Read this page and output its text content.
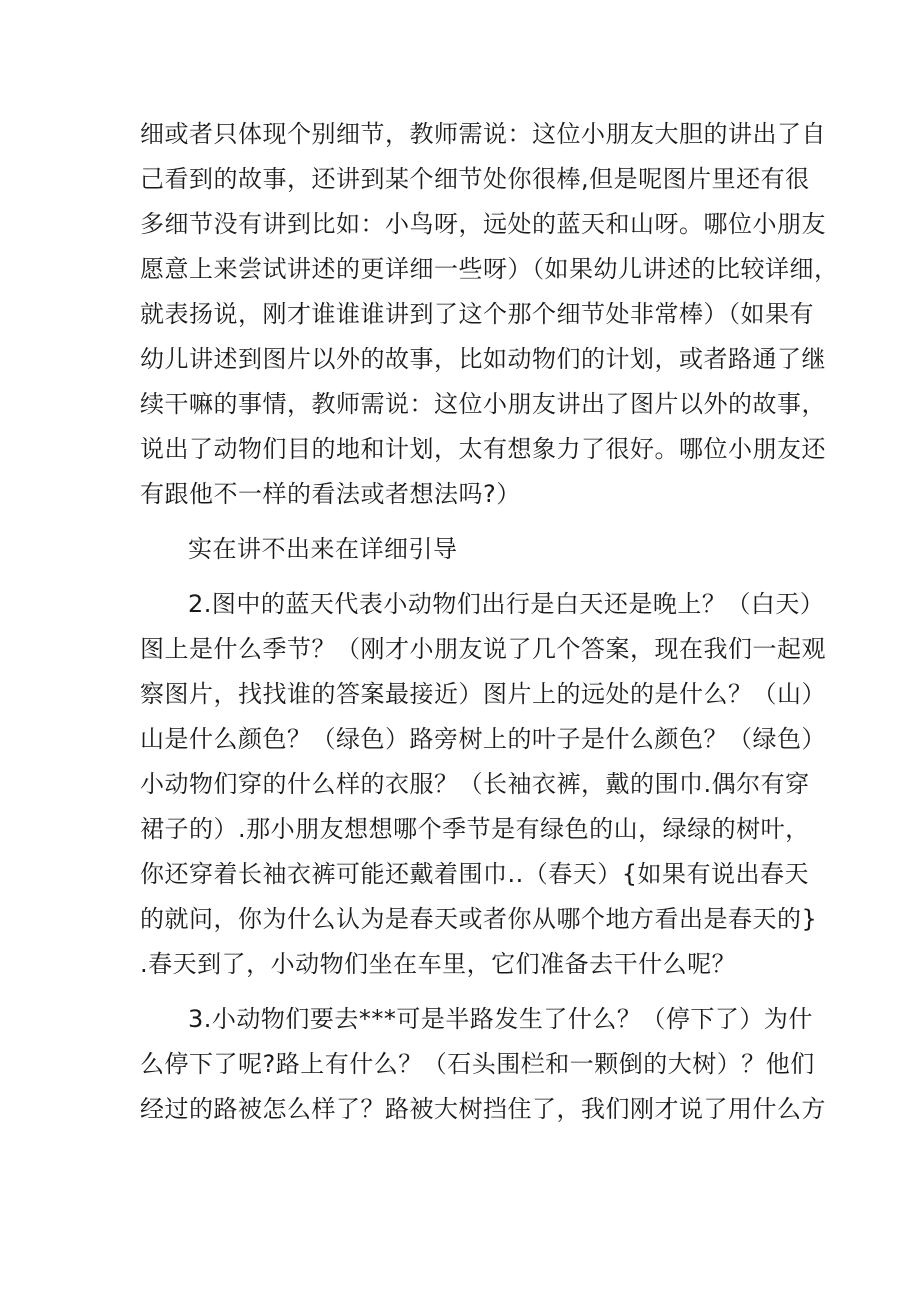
细或者只体现个别细节，教师需说：这位小朋友大胆的讲出了自
己看到的故事，还讲到某个细节处你很棒,但是呢图片里还有很
多细节没有讲到比如：小鸟呀，远处的蓝天和山呀。哪位小朋友
愿意上来尝试讲述的更详细一些呀）（如果幼儿讲述的比较详细，
就表扬说，刚才谁谁谁讲到了这个那个细节处非常棒）（如果有
幼儿讲述到图片以外的故事，比如动物们的计划，或者路通了继
续干嘛的事情，教师需说：这位小朋友讲出了图片以外的故事，
说出了动物们目的地和计划，太有想象力了很好。哪位小朋友还
有跟他不一样的看法或者想法吗?）
实在讲不出来在详细引导
2.图中的蓝天代表小动物们出行是白天还是晚上？（白天）
图上是什么季节？（刚才小朋友说了几个答案，现在我们一起观
察图片，找找谁的答案最接近）图片上的远处的是什么？（山）
山是什么颜色？（绿色）路旁树上的叶子是什么颜色？（绿色）
小动物们穿的什么样的衣服？（长袖衣裤，戴的围巾.偶尔有穿
裙子的）.那小朋友想想哪个季节是有绿色的山，绿绿的树叶，
你还穿着长袖衣裤可能还戴着围巾..（春天）{如果有说出春天
的就问，你为什么认为是春天或者你从哪个地方看出是春天的}
.春天到了，小动物们坐在车里，它们准备去干什么呢？
3.小动物们要去***可是半路发生了什么？（停下了）为什
么停下了呢?路上有什么？（石头围栏和一颗倒的大树）？他们
经过的路被怎么样了？路被大树挡住了，我们刚才说了用什么方
